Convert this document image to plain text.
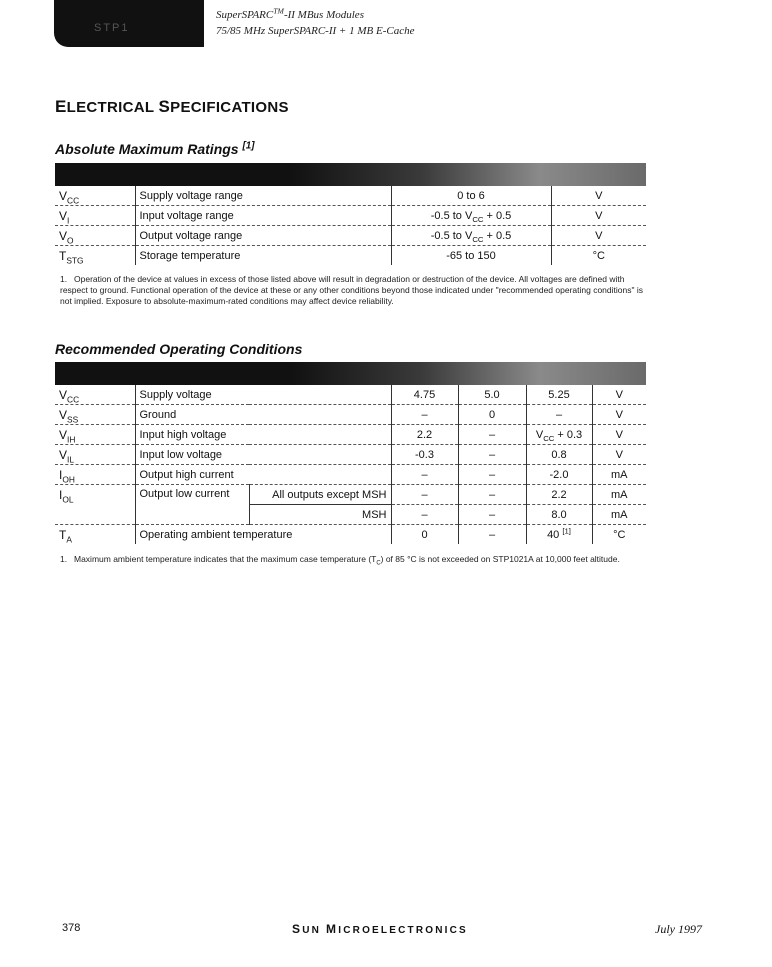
STP1
SuperSPARC™-II MBus Modules
75/85 MHz SuperSPARC-II + 1 MB E-Cache
ELECTRICAL SPECIFICATIONS
Absolute Maximum Ratings [1]

$V_{CC}$	Supply voltage range	0 to 6	V
$V_I$	Input voltage range	-0.5 to $V_{CC} + 0.5$	V
$V_O$	Output voltage range	-0.5 to $V_{CC} + 0.5$	V
$T_{STG}$	Storage temperature	-65 to 150	°C
1. Operation of the device at values in excess of those listed above will result in degradation or destruction of the device. All voltages are defined with respect to ground. Functional operation of the device at these or any other conditions beyond those indicated under "recommended operating conditions" is not implied. Exposure to absolute-maximum-rated conditions may affect device reliability.
Recommended Operating Conditions

$V_{CC}$	Supply voltage		4.75	5.0	5.25	V
$V_{SS}$	Ground		–	0	–	V
$V_{IH}$	Input high voltage		2.2	–	$V_{CC} + 0.3$	V
$V_{IL}$	Input low voltage		-0.3	–	0.8	V
$I_{OH}$	Output high current		–	–	-2.0	mA
$I_{OL}$	Output low current	All outputs except MSH	–	–	2.2	mA
		MSH	–	–	8.0	mA
$T_A$	Operating ambient temperature		0	–	40 [1]	°C
1. Maximum ambient temperature indicates that the maximum case temperature $(T_C)$ of 85 °C is not exceeded on STP1021A at 10,000 feet altitude.
378	SUN MICROELECTRONICS	July 1997
